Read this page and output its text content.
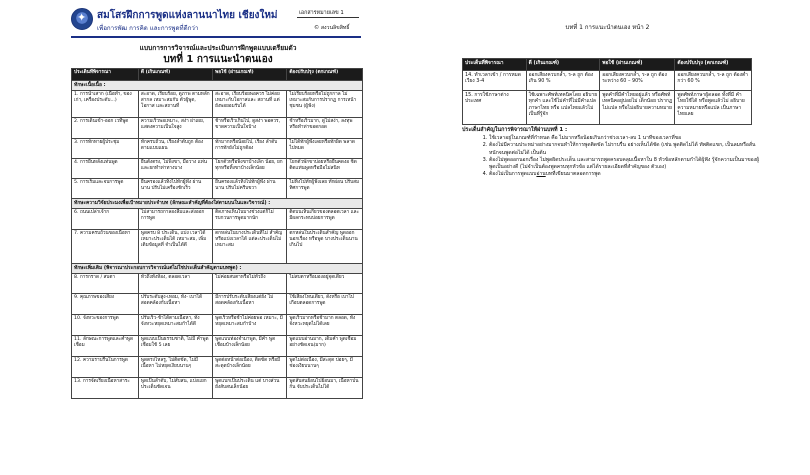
✦ สมโสรฝึกการพูดแห่งลานนาไทย เชียงใหม่
เพื่อการพัฒ การคิด และการพูดที่ดีกว่า
เอกสารหมายเลข 1
© สงวนลิขสิทธิ์
แบบการการวิจารณ์และประเมินการฝึกพูดแบบเตรียมตัว
บทที่ 1 การแนะนำตนเอง
ประเด็นที่พิจารณา	ดี (เกินเกณฑ์)	พอใช้ (ผ่านเกณฑ์)	ต้องปรับปรุง (ตกเกณฑ์)
ทักษะเนื้อเนื้อ :			
1. การนำเสาก (เนื้อทำ, ของเก่า, เครื่องประดับ...)	สะอาด, เรียบร้อย, ดูภาพ ตามหลักสากล เหมาะสมกับ ตัวผู้พูด, โอกาส และสถานที่	สะอาด, เรียบร้อยพอควร ไม่ค่อยเหมาะกับโอกาสและ สถานที่ แต่ยังพอยอมรับได้	ไม่เรียบร้อยหรือไม่ถูกกาล ไม่เหมาะสมกับการปรากฏ การเหน้าชุมชน (ผู้ฟัง)
2. การเดินเข้า-ออก เวทีพูด	ความเร็วพอเหมาะ, สง่า ผ่าเผย, แสดงความเป็นใจสูง	ช้าหรือเร็วเกินไป, ดูสง่า พอควร, ขาดความเป็นใจบ้าง	ช้าหรือเร็วมาก, ดูไม่สง่า, ลงทุพหรือทำท่าขอดกอด
3. การทักทายผู้ประชุม	ทักครบถ้วน, เรียงลำดับถูก ต้องตามแบบแผน	ทักมากหรือน้อยไป, เรียง ลำดับการทักยังไม่ถูกต้อง	ไม่ได้ทักผู้ฟังเลยหรือทักผิด พลาดไปหมด
4. การยืนหลังแท่นพูด	ยืนตั้งตรง, ไม่พิงขา, มือวาง แท่น และยกทำท่าทางบาง	โยกตัวหรือพิงขาบ้างเล็ก น้อย, ยกทุกหรือทิ้งขาบ้างเล็กน้อย	โยกตัวพักขาบ่อยหรือยืนคดงอ ชิดติดแท่นพูดหรือมือไม่สนิท
5. การเริ่มและจบการพูด	ยืนครองแล้วทิ้งไปทักผู้ฟัง ผ่านนาน ปรับไม่เครื่องชักเร็ว	ยืนครองแล้วทิ้งไปทักผู้ฟัง ผ่านนาน ปรับไม่ครีบขวา	ไม่ทิ้งไปทักผู้ฟังเลย ทักผ่อน ปรับสมทิศการพูด
ทักษะความวิจัยประมงเพื่อเป้าหมายประจำบท (ลักษณะสำคัญที่ต้องใส่ตามบนในและวิจารณ์) :			
6. ถนนเปล่าเจ้าก	ไม่สามารถกาลองลืมและส่งออกการพูด	ติดภาพเห็นในบางช่วงแต่ก็ไม่ รบกวนการพูดมากนัก	ติดบนเห็นเกี่ยวของตลอดเวลา และมีผลกระทบบ่อยการพูด
7. ความครบถ้วนของเนื้อหา	พูดครบ 8 ประเด็น, แบ่ง เวลาได้เหมาะประเด็นได้ เหมาะสม, เพิ่มเติมข้อมูลที่ จำเป็นได้ดี	ตกหล่นในบางประเด็นที่ไม่ สำคัญ หรือแบ่งเวลาได้ แต่ละประเด็นไม่เหมาะสม	ตกหล่นในประเด็นสำคัญ พูดออกนอกเรื่อง หรือพูด บางประเด็นนานเกินไป
ทักษะเพิ่มเติม (พิจารณาประกอบการวิจารณ์แต่ไม่ใช่ประเด็นสำคัญตามบทพูด) :			
8. การกราด / สบตา	ทั่วถึงทั้งห้อง, ตลอดเวลา	ไม่ค่อยสบตาหรือไม่ทั่วถึง	ไม่สบตาหรือมองอยู่จุดเดียว
9. คุณภาพของเสียง	ปรับระดับสูง-เทอม, ทั้ง- เบาได้สอดคล้องกับเนื้อหา	มีการปรับระดับเสียงแต่ยัง ไม่สอดคล้องกับเนื้อหา	ใช้เสียงโทนเดียว, ดังหรือ เบาไป เกือบตลอดการพูด
10. จังหวะของการพูด	ปรับเร็ว-ช้าได้ตามเนื้อหา, ทั้งจังหวะหยุดเหมาะสมกำได้ดี	พูดเร็วหรือช้าไม่ค่อยพอ เหมาะ, มีหยุดเหมาะสมกำบ้าง	พูดเร็วมากหรือช้ามาก ตลอด, ทั้งจังหวะหยุดไม่ได้เลย
11. ลักษณะการพูดและคำพูดเชื่อม	พูดแบบเป็นธรรมชาติ, ไม่มี คำพูดเชื่อมใช้ 5 เลย	พูดแบบท่องจำมาพูด, มีคำ พูดเชื่อมบ้างเล็กน้อย	พูดแบบอ่านมาก, เต็มคำ พูดเชื่อมอย่างชัดเจน(มาก)
12. ความราบรื่นในการพูด	พูดตรงไหลรู, ไม่ติดขัด, ไม่มี เนื้อหา ไม่หยุดเงียบนานๆ	พูดต่อหน้าต่อเนื่อง, ติดขัด หรือมีสะดุดบ้างเล็กน้อย	พูดไม่ต่อเนื่อง, มีสะดุด บ่อยๆ, มีช่องเงียบนานๆ
13. การจัดเรียงเนื้อหาสาระ	พูดเป็นลำดับ, ไม่สับสน, แบ่งแยกประเด็นชัดเจน	พูดแบกเป็นประเด็น แต่ บางส่วนยังสับสนเล็กน้อย	พูดสับสนย้อนไปย้อนมา, เนื้อหาปนกัน จับประเด็นไม่ได้
บทที่ 1 การแนะนำตนเอง หน้า 2
ประเด็นที่พิจารณา	ดี (เกินเกณฑ์)	พอใช้ (ผ่านเกณฑ์)	ต้องปรับปรุง (ตกเกณฑ์)
14. ทำเวลาเข้า / การหมดเวียง 3-4	ออกเสียงควบกล้ำ, ร-ล ถูก ต้องเกิน 90 %	ออกเสียงควบกล้ำ, ร-ล ถูก ต้องระหว่าง 60 – 90%	ออกเสียงควบกล้ำ, ร-ล ถูก ต้องต่ำกว่า 60 %
15. การใช้ภาษาต่างประเทศ	ใช้เฉพาะศัพท์เทคนิคโดย อธิบายทุกคำ และใช้ไม่คำที่ไม่มีคำแปลภาษาไทย หรือ แปลไทยแล้วไม่เป็นที่รู้จัก	พูดคำที่มีคำไทยอยู่แล้ว หรือศัพท์เทคนิคอยู่บ่อยไม่ เด็กน้อย ปรากฏไม่แปล หรือไม่อธิบายความหมาย	พูดศัพท์ภาษาผู้ดลอด ทั้งที่มี คำไทยใช้ได้ หรือพูดแล้วไม่ อธิบายความหมายหรือแปล เป็นภาษาไทยเลย
ประเด็นสำคัญในการพิจารณาให้ผ่านบทที่ 1 :
1. ใช้เวลาอยู่ในเกณฑ์ที่กำหนด คือ ไม่มากหรือน้อยเกินกว่าช่วงเวลา-ลบ 1 นาทีของเวลาที่ขอ
2. ต้องไม่มีความประหม่าอย่างมากจนทำให้การพูดติดขัด ไม่ราบรื่น อย่างเห็นได้ชัด (เช่น พูดติดไม่ได้ ทัพติดแขก, เป็นลมหรือสั่นหนักจนพูดต่อไม่ได้ เป็นต้น
3. ต้องไม่พูดออกนอกเรื่อง ไม่พูดผิดประเด็น และสามารถพูดครอบคลุมเนื้อหาใน 8 หัวข้อหลักตามกำได้ผู้ฟัง รู้จักความเป็นมาของผู้พูดเป็นอย่างดี (ไม่จำเป็นต้องพูดครบทุกหัวข้อ แต่ได้รายละเอียดที่สำคัญของ ตัวเอง)
4. ต้องไม่เป็นการพูดแบบอ่านบทที่เขียนมาตลอดการพูด
